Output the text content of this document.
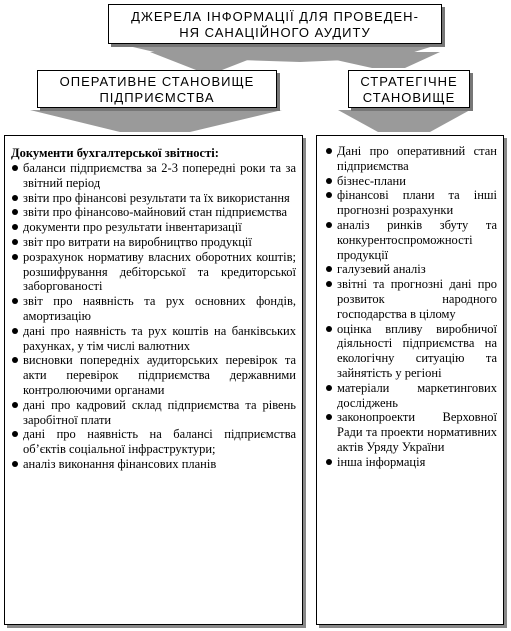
ДЖЕРЕЛА ІНФОРМАЦІЇ ДЛЯ ПРОВЕДЕН-
НЯ САНАЦІЙНОГО АУДИТУ
ОПЕРАТИВНЕ СТАНОВИЩЕ
ПІДПРИЄМСТВА
СТРАТЕГІЧНЕ
СТАНОВИЩЕ
Документи бухгалтерської звітності:
баланси підприємства за 2-3 попередні роки та за звітний період
звіти про фінансові результати та їх використання
звіти про фінансово-майновий стан підприємства
документи про результати інвентаризації
звіт про витрати на виробництво продукції
розрахунок нормативу власних оборотних коштів; розшифрування дебіторської та кредиторської заборгованості
звіт про наявність та рух основних фондів, амортизацію
дані про наявність та рух коштів на банківських рахунках, у тім числі валютних
висновки попередніх аудиторських перевірок та акти перевірок підприємства державними контролюючими органами
дані про кадровий склад підприємства та рівень заробітної плати
дані про наявність на балансі підприємства об’єктів соціальної інфраструктури;
аналіз виконання фінансових планів
Дані про оперативний стан підприємства
бізнес-плани
фінансові плани та інші прогнозні розрахунки
аналіз ринків збуту та конкурентоспроможності продукції
галузевий аналіз
звітні та прогнозні дані про розвиток народного господарства в цілому
оцінка впливу виробничої діяльності підприємства на екологічну ситуацію та зайнятість у регіоні
матеріали маркетингових досліджень
законопроекти Верховної Ради та проекти нормативних актів Уряду України
інша інформація
